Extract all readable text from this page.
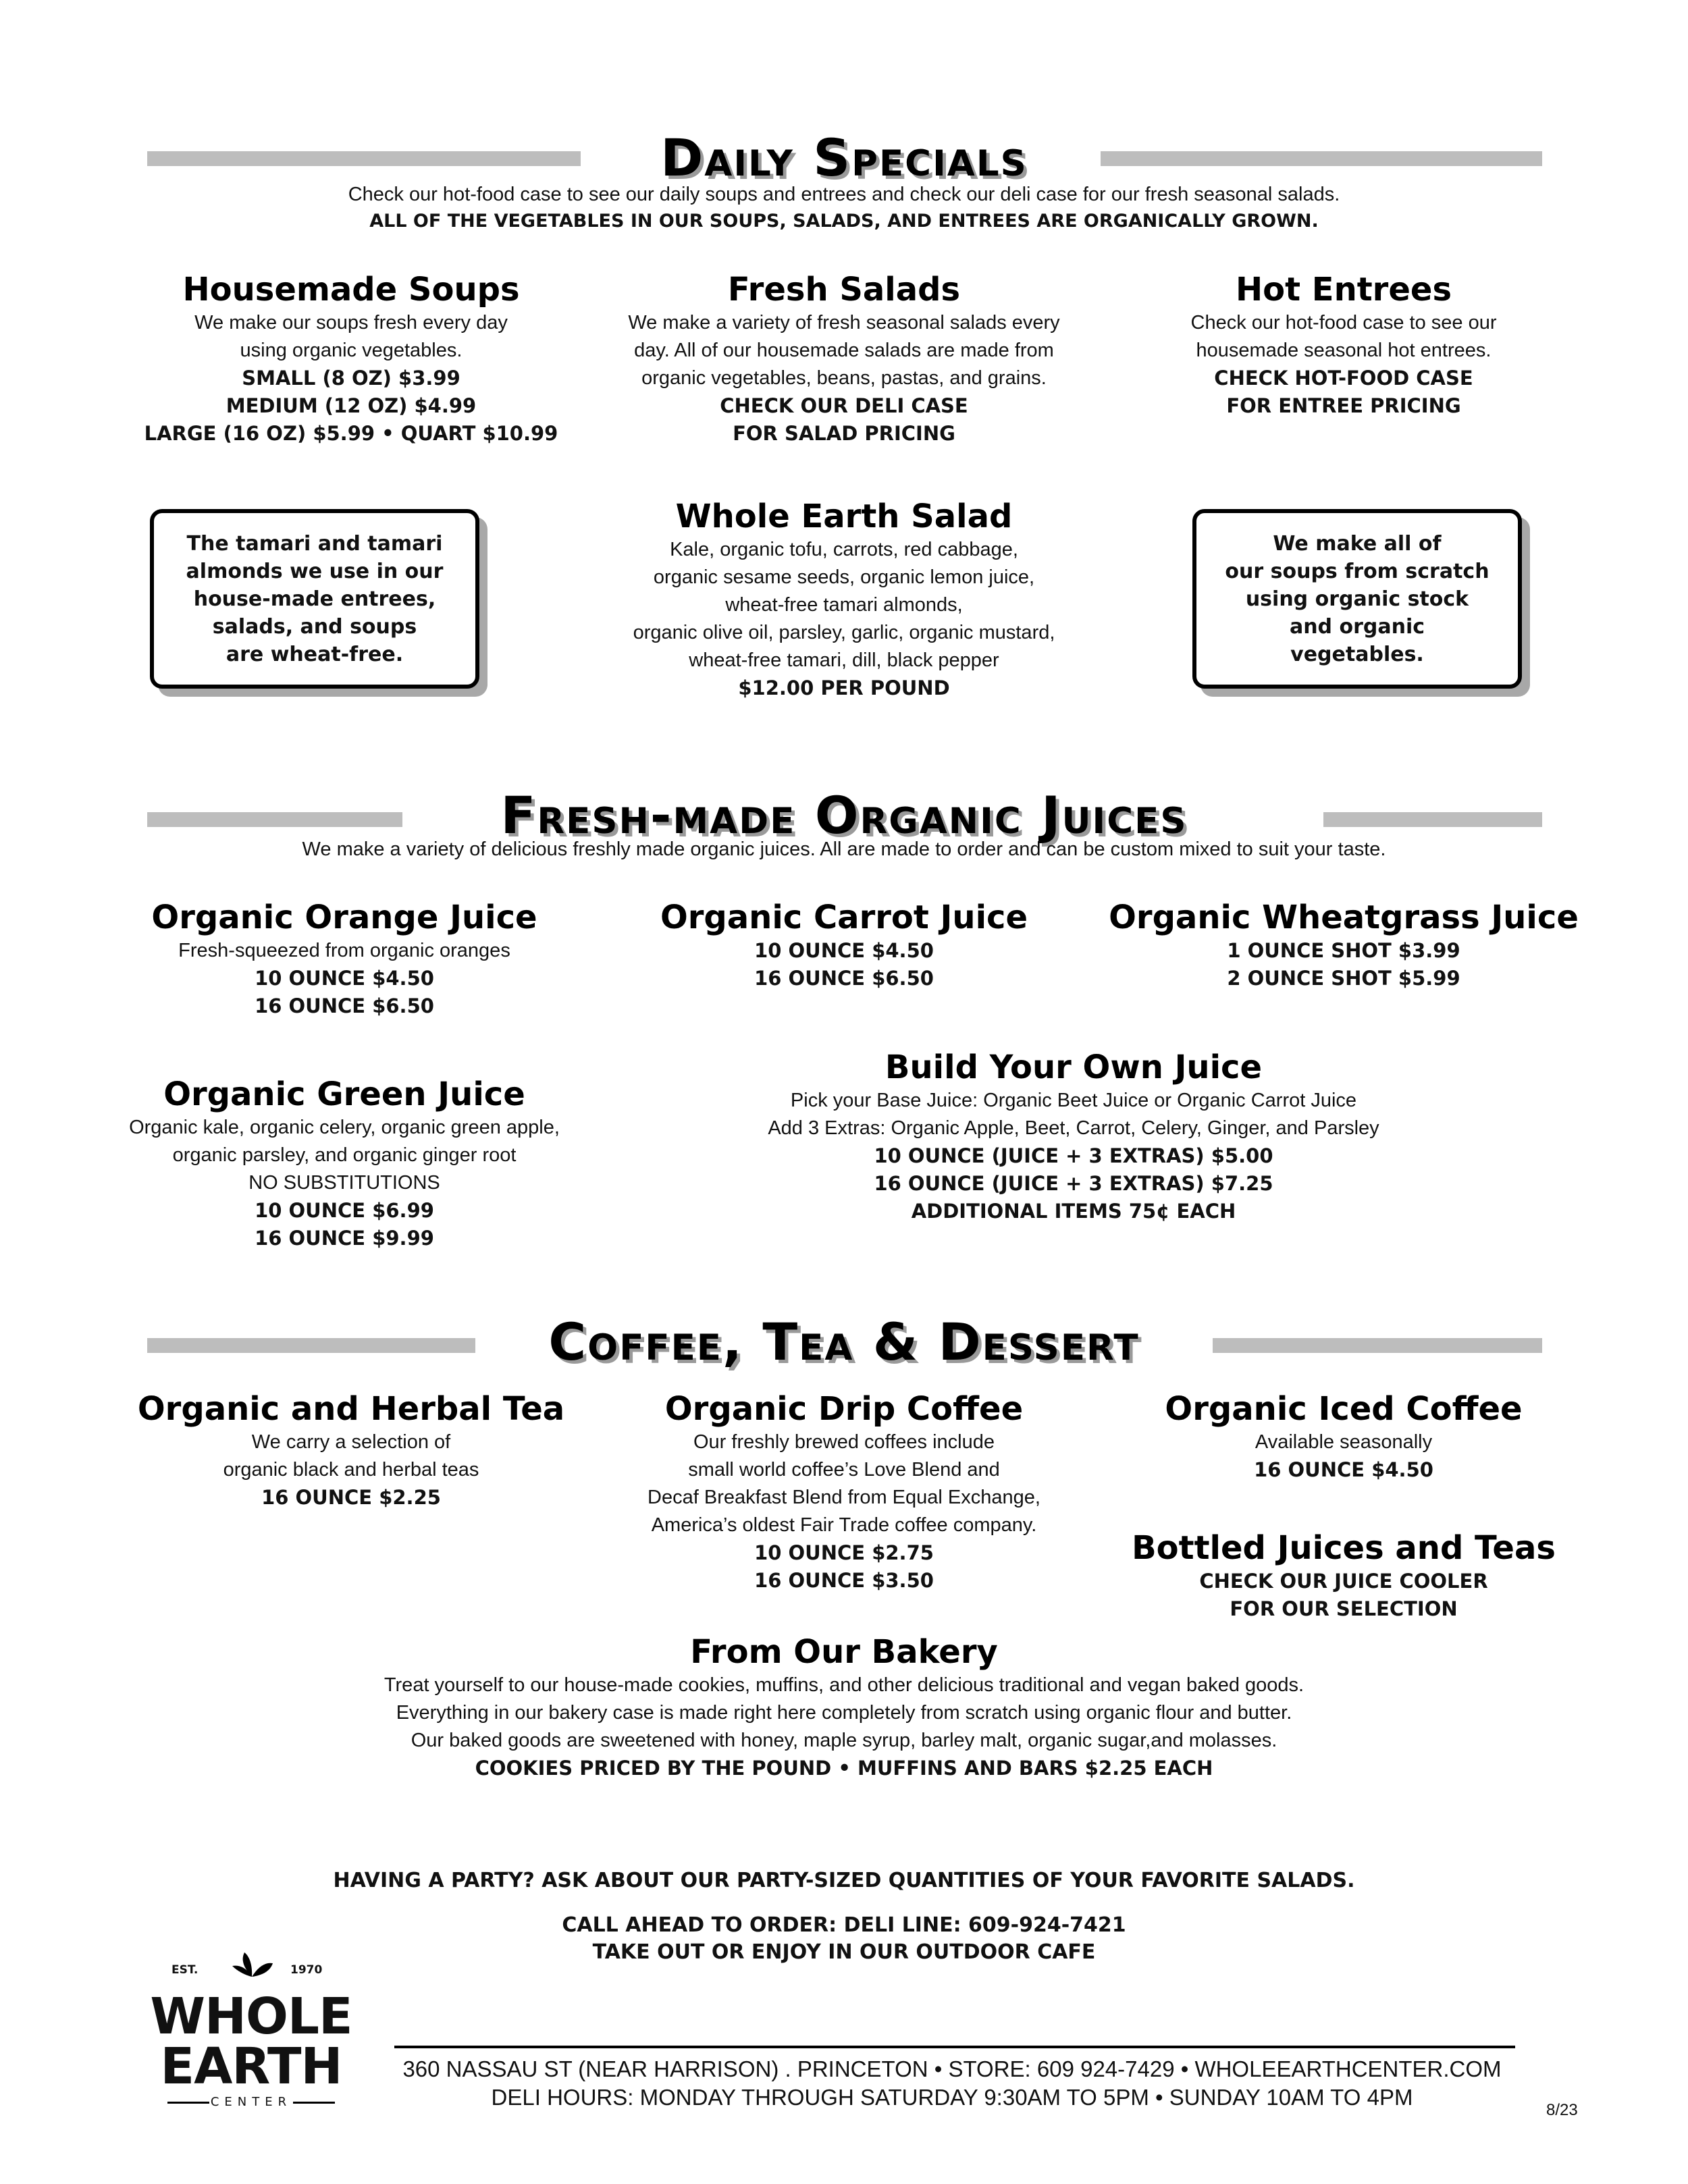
Daily Specials
Check our hot-food case to see our daily soups and entrees and check our deli case for our fresh seasonal salads.
ALL OF THE VEGETABLES IN OUR SOUPS, SALADS, AND ENTREES ARE ORGANICALLY GROWN.
Housemade Soups
We make our soups fresh every day
using organic vegetables.
SMALL (8 OZ) $3.99
MEDIUM (12 OZ) $4.99
LARGE (16 OZ) $5.99 • QUART $10.99
Fresh Salads
We make a variety of fresh seasonal salads every
day. All of our housemade salads are made from
organic vegetables, beans, pastas, and grains.
CHECK OUR DELI CASE
FOR SALAD PRICING
Hot Entrees
Check our hot-food case to see our
housemade seasonal hot entrees.
CHECK HOT-FOOD CASE
FOR ENTREE PRICING
The tamari and tamari
almonds we use in our
house-made entrees,
salads, and soups
are wheat-free.
Whole Earth Salad
Kale, organic tofu, carrots, red cabbage,
organic sesame seeds, organic lemon juice,
wheat-free tamari almonds,
organic olive oil, parsley, garlic, organic mustard,
wheat-free tamari, dill, black pepper
$12.00 PER POUND
We make all of
our soups from scratch
using organic stock
and organic
vegetables.
Fresh-made Organic Juices
We make a variety of delicious freshly made organic juices. All are made to order and can be custom mixed to suit your taste.
Organic Orange Juice
Fresh-squeezed from organic oranges
10 OUNCE $4.50
16 OUNCE $6.50
Organic Carrot Juice
10 OUNCE $4.50
16 OUNCE $6.50
Organic Wheatgrass Juice
1 OUNCE SHOT $3.99
2 OUNCE SHOT $5.99
Organic Green Juice
Organic kale, organic celery, organic green apple,
organic parsley, and organic ginger root
NO SUBSTITUTIONS
10 OUNCE $6.99
16 OUNCE $9.99
Build Your Own Juice
Pick your Base Juice: Organic Beet Juice or Organic Carrot Juice
Add 3 Extras: Organic Apple, Beet, Carrot, Celery, Ginger, and Parsley
10 OUNCE (JUICE + 3 EXTRAS) $5.00
16 OUNCE (JUICE + 3 EXTRAS) $7.25
ADDITIONAL ITEMS 75¢ EACH
Coffee, Tea & Dessert
Organic and Herbal Tea
We carry a selection of
organic black and herbal teas
16 OUNCE $2.25
Organic Drip Coffee
Our freshly brewed coffees include
small world coffee’s Love Blend and
Decaf Breakfast Blend from Equal Exchange,
America’s oldest Fair Trade coffee company.
10 OUNCE $2.75
16 OUNCE $3.50
Organic Iced Coffee
Available seasonally
16 OUNCE $4.50
Bottled Juices and Teas
CHECK OUR JUICE COOLER
FOR OUR SELECTION
From Our Bakery
Treat yourself to our house-made cookies, muffins, and other delicious traditional and vegan baked goods.
Everything in our bakery case is made right here completely from scratch using organic flour and butter.
Our baked goods are sweetened with honey, maple syrup, barley malt, organic sugar,and molasses.
COOKIES PRICED BY THE POUND • MUFFINS AND BARS $2.25 EACH
HAVING A PARTY? ASK ABOUT OUR PARTY-SIZED QUANTITIES OF YOUR FAVORITE SALADS.
CALL AHEAD TO ORDER: DELI LINE: 609-924-7421
TAKE OUT OR ENJOY IN OUR OUTDOOR CAFE
EST.	1970
WHOLE
EARTH
CENTER
360 NASSAU ST (NEAR HARRISON) . PRINCETON • STORE: 609 924-7429 • WHOLEEARTHCENTER.COM
DELI HOURS: MONDAY THROUGH SATURDAY 9:30AM TO 5PM • SUNDAY 10AM TO 4PM
8/23
